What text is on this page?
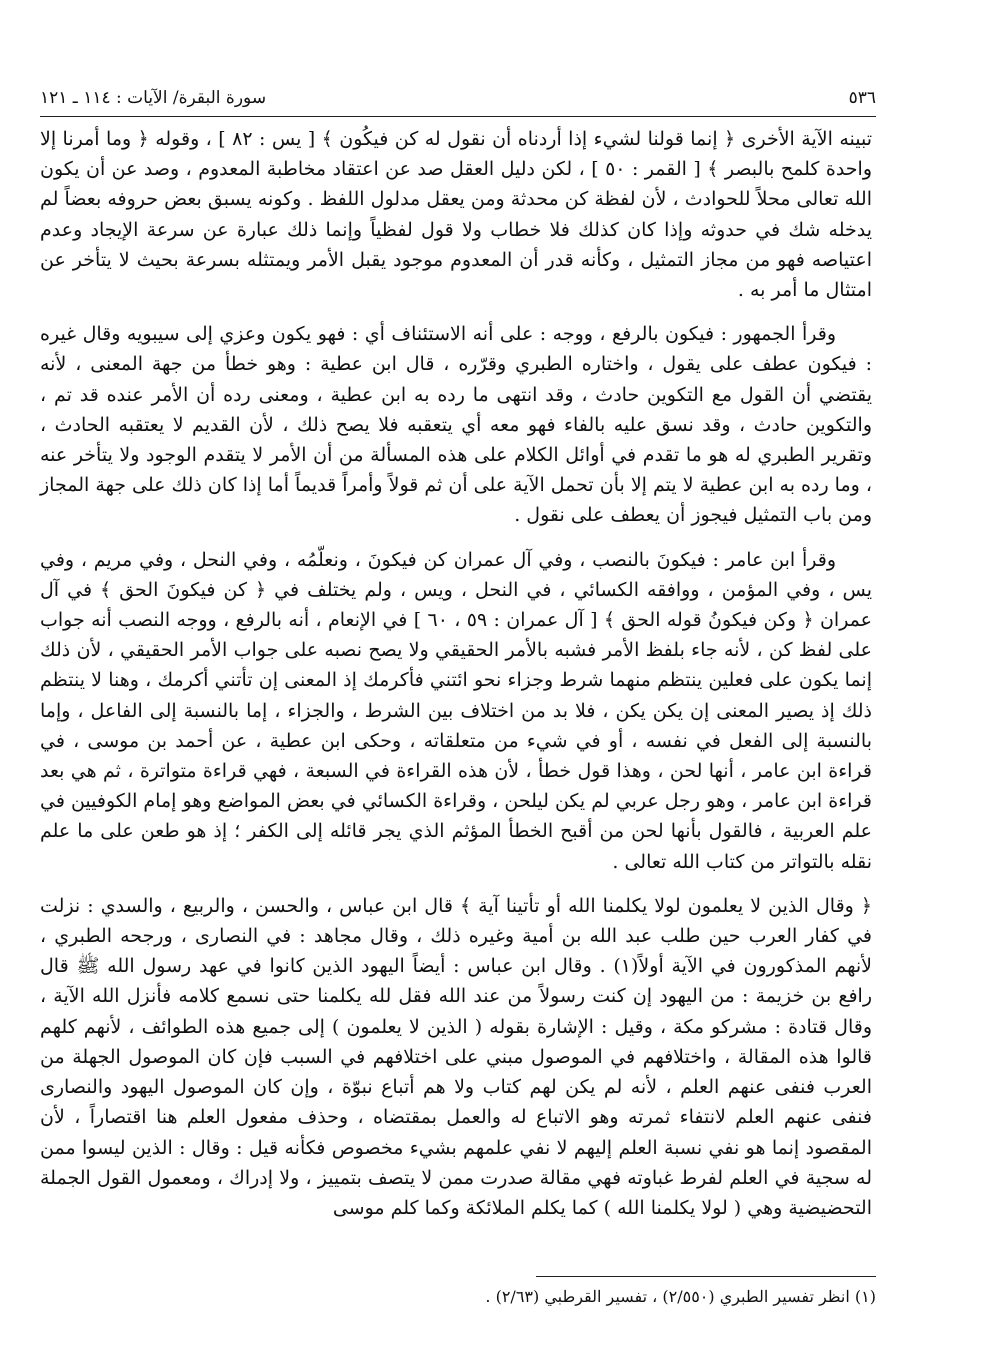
٥٣٦
سورة البقرة/ الآيات : ١١٤ ـ ١٢١

تبينه الآية الأخرى ﴿ إنما قولنا لشيء إذا أردناه أن نقول له كن فيكُون ﴾ [ يس : ٨٢ ] ، وقوله ﴿ وما أمرنا إلا واحدة كلمح بالبصر ﴾ [ القمر : ٥٠ ] ، لكن دليل العقل صد عن اعتقاد مخاطبة المعدوم ، وصد عن أن يكون الله تعالى محلاً للحوادث ، لأن لفظة كن محدثة ومن يعقل مدلول اللفظ . وكونه يسبق بعض حروفه بعضاً لم يدخله شك في حدوثه وإذا كان كذلك فلا خطاب ولا قول لفظياً وإنما ذلك عبارة عن سرعة الإيجاد وعدم اعتياصه فهو من مجاز التمثيل ، وكأنه قدر أن المعدوم موجود يقبل الأمر ويمتثله بسرعة بحيث لا يتأخر عن امتثال ما أمر به .

وقرأ الجمهور : فيكون بالرفع ، ووجه : على أنه الاستئناف أي : فهو يكون وعزي إلى سيبويه وقال غيره : فيكون عطف على يقول ، واختاره الطبري وقرّره ، قال ابن عطية : وهو خطأ من جهة المعنى ، لأنه يقتضي أن القول مع التكوين حادث ، وقد انتهى ما رده به ابن عطية ، ومعنى رده أن الأمر عنده قد تم ، والتكوين حادث ، وقد نسق عليه بالفاء فهو معه أي يتعقبه فلا يصح ذلك ، لأن القديم لا يعتقبه الحادث ، وتقرير الطبري له هو ما تقدم في أوائل الكلام على هذه المسألة من أن الأمر لا يتقدم الوجود ولا يتأخر عنه ، وما رده به ابن عطية لا يتم إلا بأن تحمل الآية على أن ثم قولاً وأمراً قديماً أما إذا كان ذلك على جهة المجاز ومن باب التمثيل فيجوز أن يعطف على نقول .

وقرأ ابن عامر : فيكونَ بالنصب ، وفي آل عمران كن فيكونَ ، ونعلّمُه ، وفي النحل ، وفي مريم ، وفي يس ، وفي المؤمن ، ووافقه الكسائي ، في النحل ، ويس ، ولم يختلف في ﴿ كن فيكونَ الحق ﴾ في آل عمران ﴿ وكن فيكونُ قوله الحق ﴾ [ آل عمران : ٥٩ ، ٦٠ ] في الإنعام ، أنه بالرفع ، ووجه النصب أنه جواب على لفظ كن ، لأنه جاء بلفظ الأمر فشبه بالأمر الحقيقي ولا يصح نصبه على جواب الأمر الحقيقي ، لأن ذلك إنما يكون على فعلين ينتظم منهما شرط وجزاء نحو ائتني فأكرمك إذ المعنى إن تأتني أكرمك ، وهنا لا ينتظم ذلك إذ يصير المعنى إن يكن يكن ، فلا بد من اختلاف بين الشرط ، والجزاء ، إما بالنسبة إلى الفاعل ، وإما بالنسبة إلى الفعل في نفسه ، أو في شيء من متعلقاته ، وحكى ابن عطية ، عن أحمد بن موسى ، في قراءة ابن عامر ، أنها لحن ، وهذا قول خطأ ، لأن هذه القراءة في السبعة ، فهي قراءة متواترة ، ثم هي بعد قراءة ابن عامر ، وهو رجل عربي لم يكن ليلحن ، وقراءة الكسائي في بعض المواضع وهو إمام الكوفيين في علم العربية ، فالقول بأنها لحن من أقبح الخطأ المؤثم الذي يجر قائله إلى الكفر ؛ إذ هو طعن على ما علم نقله بالتواتر من كتاب الله تعالى .

﴿ وقال الذين لا يعلمون لولا يكلمنا الله أو تأتينا آية ﴾ قال ابن عباس ، والحسن ، والربيع ، والسدي : نزلت في كفار العرب حين طلب عبد الله بن أمية وغيره ذلك ، وقال مجاهد : في النصارى ، ورجحه الطبري ، لأنهم المذكورون في الآية أولاً(١) . وقال ابن عباس : أيضاً اليهود الذين كانوا في عهد رسول الله ﷺ قال رافع بن خزيمة : من اليهود إن كنت رسولاً من عند الله فقل لله يكلمنا حتى نسمع كلامه فأنزل الله الآية ، وقال قتادة : مشركو مكة ، وقيل : الإشارة بقوله ( الذين لا يعلمون ) إلى جميع هذه الطوائف ، لأنهم كلهم قالوا هذه المقالة ، واختلافهم في الموصول مبني على اختلافهم في السبب فإن كان الموصول الجهلة من العرب فنفى عنهم العلم ، لأنه لم يكن لهم كتاب ولا هم أتباع نبوّة ، وإن كان الموصول اليهود والنصارى فنفى عنهم العلم لانتفاء ثمرته وهو الاتباع له والعمل بمقتضاه ، وحذف مفعول العلم هنا اقتصاراً ، لأن المقصود إنما هو نفي نسبة العلم إليهم لا نفي علمهم بشيء مخصوص فكأنه قيل : وقال : الذين ليسوا ممن له سجية في العلم لفرط غباوته فهي مقالة صدرت ممن لا يتصف بتمييز ، ولا إدراك ، ومعمول القول الجملة التحضيضية وهي ( لولا يكلمنا الله ) كما يكلم الملائكة وكما كلم موسى

(١) انظر تفسير الطبري (٢/٥٥٠) ، تفسير القرطبي (٢/٦٣) .
